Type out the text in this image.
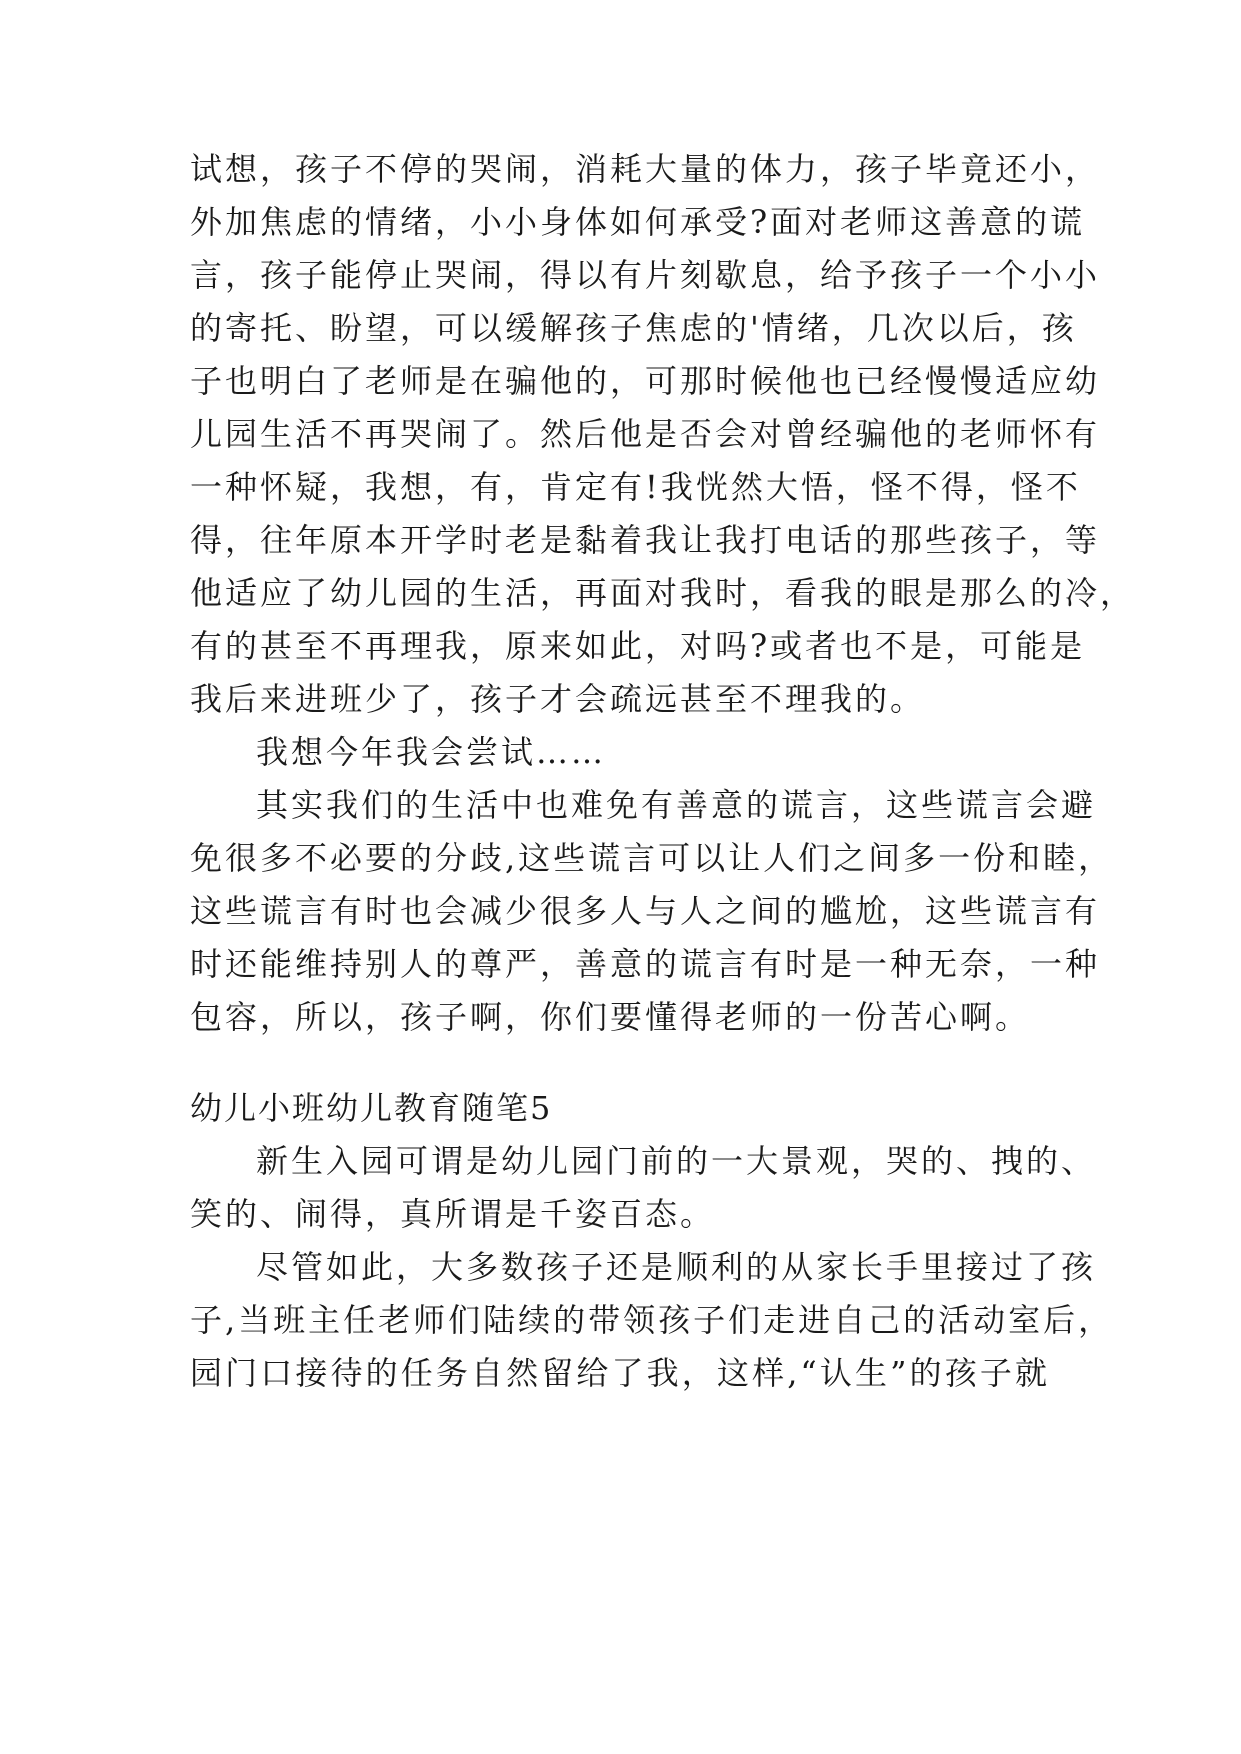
试想，孩子不停的哭闹，消耗大量的体力，孩子毕竟还小，
外加焦虑的情绪，小小身体如何承受?面对老师这善意的谎
言，孩子能停止哭闹，得以有片刻歇息，给予孩子一个小小
的寄托、盼望，可以缓解孩子焦虑的'情绪，几次以后，孩
子也明白了老师是在骗他的，可那时候他也已经慢慢适应幼
儿园生活不再哭闹了。然后他是否会对曾经骗他的老师怀有
一种怀疑，我想，有，肯定有!我恍然大悟，怪不得，怪不
得，往年原本开学时老是黏着我让我打电话的那些孩子，等
他适应了幼儿园的生活，再面对我时，看我的眼是那么的冷，
有的甚至不再理我，原来如此，对吗?或者也不是，可能是
我后来进班少了，孩子才会疏远甚至不理我的。
我想今年我会尝试……
其实我们的生活中也难免有善意的谎言，这些谎言会避
免很多不必要的分歧,这些谎言可以让人们之间多一份和睦，
这些谎言有时也会减少很多人与人之间的尴尬，这些谎言有
时还能维持别人的尊严，善意的谎言有时是一种无奈，一种
包容，所以，孩子啊，你们要懂得老师的一份苦心啊。
幼儿小班幼儿教育随笔5
新生入园可谓是幼儿园门前的一大景观，哭的、拽的、
笑的、闹得，真所谓是千姿百态。
尽管如此，大多数孩子还是顺利的从家长手里接过了孩
子,当班主任老师们陆续的带领孩子们走进自己的活动室后，
园门口接待的任务自然留给了我，这样,“认生”的孩子就
